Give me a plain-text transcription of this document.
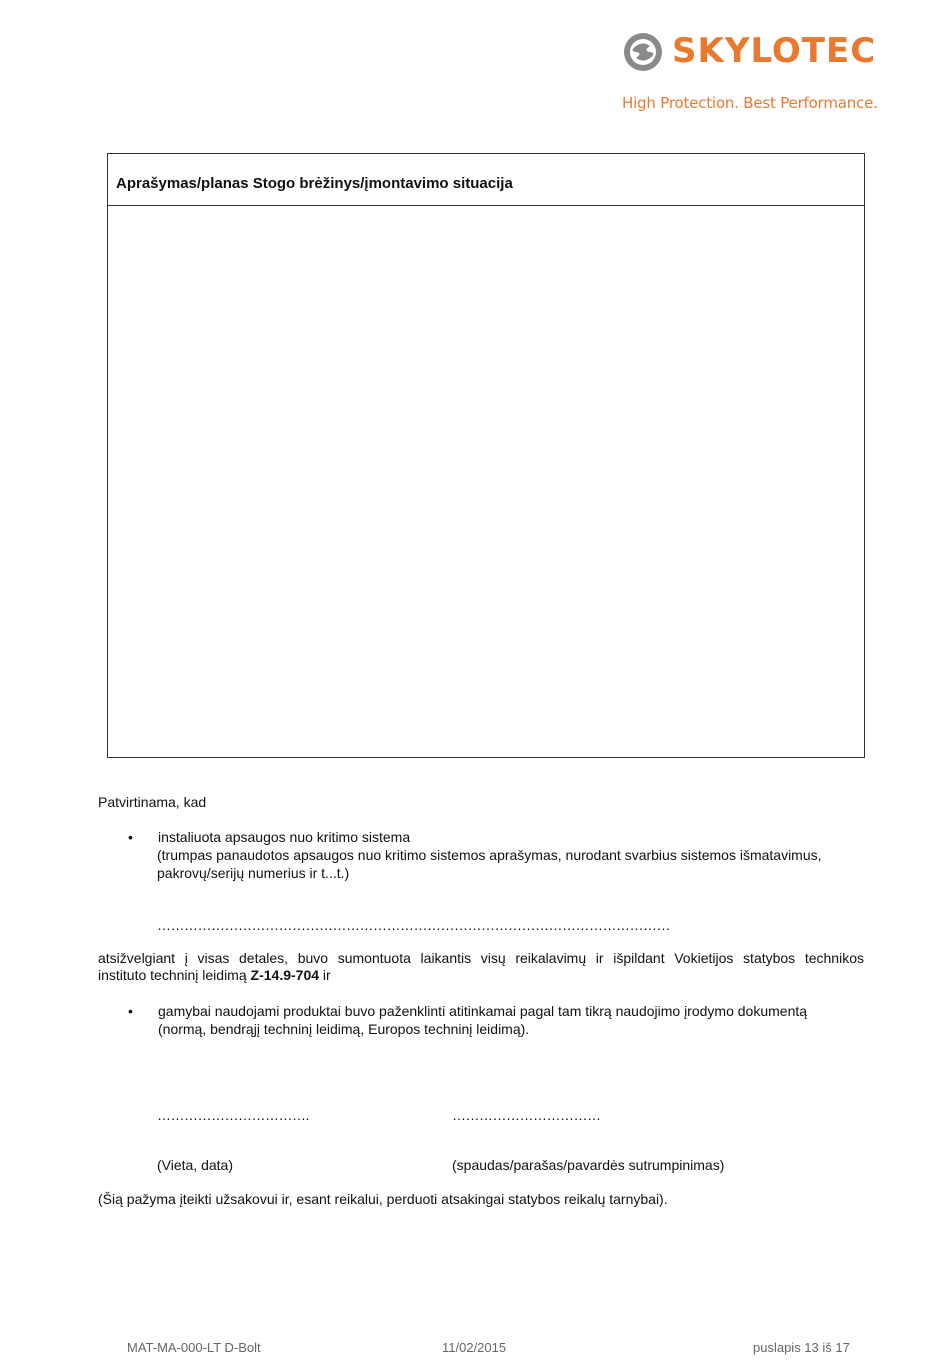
SKYLOTEC
High Protection. Best Performance.
Aprašymas/planas Stogo brėžinys/įmontavimo situacija
Patvirtinama, kad
• instaliuota apsaugos nuo kritimo sistema
(trumpas panaudotos apsaugos nuo kritimo sistemos aprašymas, nurodant svarbius sistemos išmatavimus,
pakrovų/serijų numerius ir t...t.)
……………………………………………………………………………………………………
atsižvelgiant į visas detales, buvo sumontuota laikantis visų reikalavimų ir išpildant Vokietijos statybos technikos
instituto techninį leidimą Z-14.9-704 ir
• gamybai naudojami produktai buvo paženklinti atitinkamai pagal tam tikrą naudojimo įrodymo dokumentą
(normą, bendrąjį techninį leidimą, Europos techninį leidimą).
…………………………….	……………………………
(Vieta, data)	(spaudas/parašas/pavardės sutrumpinimas)
(Šią pažyma įteikti užsakovui ir, esant reikalui, perduoti atsakingai statybos reikalų tarnybai).
MAT-MA-000-LT D-Bolt	11/02/2015	puslapis 13 iš 17
